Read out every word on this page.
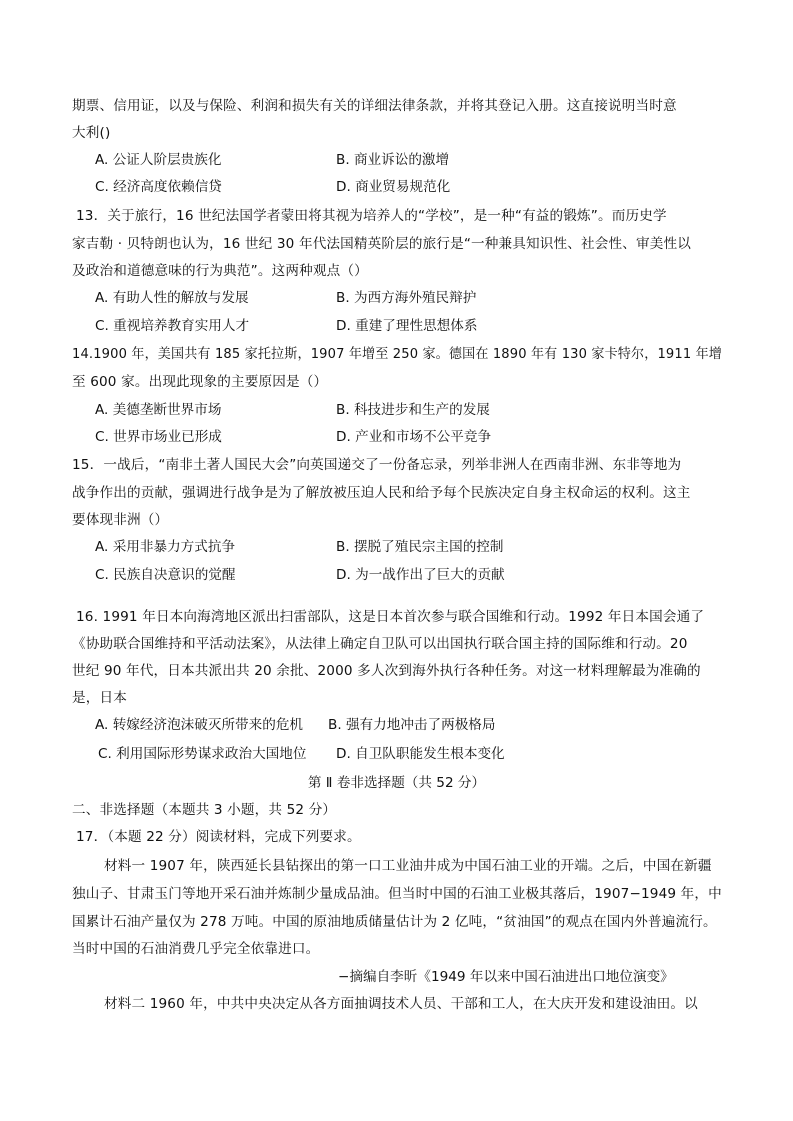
期票、信用证，以及与保险、利润和损失有关的详细法律条款，并将其登记入册。这直接说明当时意
大利()
A. 公证人阶层贵族化	B. 商业诉讼的激增
C. 经济高度依赖信贷	D. 商业贸易规范化
13．关于旅行，16 世纪法国学者蒙田将其视为培养人的“学校”，是一种“有益的锻炼”。而历史学
家吉勒 · 贝特朗也认为，16 世纪 30 年代法国精英阶层的旅行是“一种兼具知识性、社会性、审美性以
及政治和道德意味的行为典范”。这两种观点（）
A. 有助人性的解放与发展	B. 为西方海外殖民辩护
C. 重视培养教育实用人才	D. 重建了理性思想体系
14.1900 年，美国共有 185 家托拉斯，1907 年增至 250 家。德国在 1890 年有 130 家卡特尔，1911 年增
至 600 家。出现此现象的主要原因是（）
A. 美德垄断世界市场	B. 科技进步和生产的发展
C. 世界市场业已形成	D. 产业和市场不公平竞争
15．一战后，“南非土著人国民大会”向英国递交了一份备忘录，列举非洲人在西南非洲、东非等地为
战争作出的贡献，强调进行战争是为了解放被压迫人民和给予每个民族决定自身主权命运的权利。这主
要体现非洲（）
A. 采用非暴力方式抗争	B. 摆脱了殖民宗主国的控制
C. 民族自决意识的觉醒	D. 为一战作出了巨大的贡献
16. 1991 年日本向海湾地区派出扫雷部队，这是日本首次参与联合国维和行动。1992 年日本国会通了
《协助联合国维持和平活动法案》，从法律上确定自卫队可以出国执行联合国主持的国际维和行动。20
世纪 90 年代，日本共派出共 20 余批、2000 多人次到海外执行各种任务。对这一材料理解最为准确的
是，日本
A. 转嫁经济泡沫破灭所带来的危机 B. 强有力地冲击了两极格局
C. 利用国际形势谋求政治大国地位 D. 自卫队职能发生根本变化
第 Ⅱ 卷非选择题（共 52 分）
二、非选择题（本题共 3 小题，共 52 分）
17．（本题 22 分）阅读材料，完成下列要求。
材料一 1907 年，陕西延长县钻探出的第一口工业油井成为中国石油工业的开端。之后，中国在新疆
独山子、甘肃玉门等地开采石油并炼制少量成品油。但当时中国的石油工业极其落后，1907−1949 年，中
国累计石油产量仅为 278 万吨。中国的原油地质储量估计为 2 亿吨，“贫油国”的观点在国内外普遍流行。
当时中国的石油消费几乎完全依靠进口。
−摘编自李昕《1949 年以来中国石油进出口地位演变》
材料二 1960 年，中共中央决定从各方面抽调技术人员、干部和工人，在大庆开发和建设油田。以
